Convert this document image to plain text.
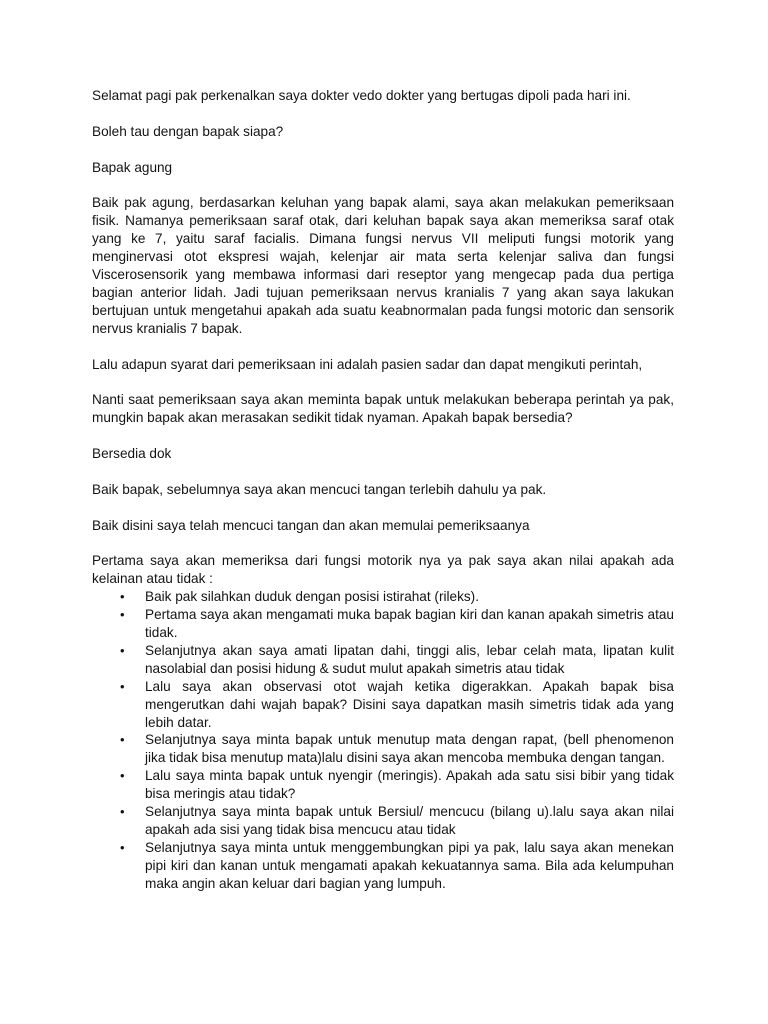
Selamat pagi pak perkenalkan saya dokter vedo dokter yang bertugas dipoli pada hari ini.

Boleh tau dengan bapak siapa?

Bapak agung

Baik pak agung, berdasarkan keluhan yang bapak alami, saya akan melakukan pemeriksaan fisik. Namanya pemeriksaan saraf otak, dari keluhan bapak saya akan memeriksa saraf otak yang ke 7, yaitu saraf facialis. Dimana fungsi nervus VII meliputi fungsi motorik yang menginervasi otot ekspresi wajah, kelenjar air mata serta kelenjar saliva dan fungsi Viscerosensorik yang membawa informasi dari reseptor yang mengecap pada dua pertiga bagian anterior lidah. Jadi tujuan pemeriksaan nervus kranialis 7 yang akan saya lakukan bertujuan untuk mengetahui apakah ada suatu keabnormalan pada fungsi motoric dan sensorik nervus kranialis 7 bapak.

Lalu adapun syarat dari pemeriksaan ini adalah pasien sadar dan dapat mengikuti perintah,

Nanti saat pemeriksaan saya akan meminta bapak untuk melakukan beberapa perintah ya pak, mungkin bapak akan merasakan sedikit tidak nyaman. Apakah bapak bersedia?

Bersedia dok

Baik bapak, sebelumnya saya akan mencuci tangan terlebih dahulu ya pak.

Baik disini saya telah mencuci tangan dan akan memulai pemeriksaanya

Pertama saya akan memeriksa dari fungsi motorik nya ya pak saya akan nilai apakah ada kelainan atau tidak :

• Baik pak silahkan duduk dengan posisi istirahat (rileks).
• Pertama saya akan mengamati muka bapak bagian kiri dan kanan apakah simetris atau tidak.
• Selanjutnya akan saya amati lipatan dahi, tinggi alis, lebar celah mata, lipatan kulit nasolabial dan posisi hidung & sudut mulut apakah simetris atau tidak
• Lalu saya akan observasi otot wajah ketika digerakkan. Apakah bapak bisa mengerutkan dahi wajah bapak? Disini saya dapatkan masih simetris tidak ada yang lebih datar.
• Selanjutnya saya minta bapak untuk menutup mata dengan rapat, (bell phenomenon jika tidak bisa menutup mata)lalu disini saya akan mencoba membuka dengan tangan.
• Lalu saya minta bapak untuk nyengir (meringis). Apakah ada satu sisi bibir yang tidak bisa meringis atau tidak?
• Selanjutnya saya minta bapak untuk Bersiul/ mencucu (bilang u).lalu saya akan nilai apakah ada sisi yang tidak bisa mencucu atau tidak
• Selanjutnya saya minta untuk menggembungkan pipi ya pak, lalu saya akan menekan pipi kiri dan kanan untuk mengamati apakah kekuatannya sama. Bila ada kelumpuhan maka angin akan keluar dari bagian yang lumpuh.
